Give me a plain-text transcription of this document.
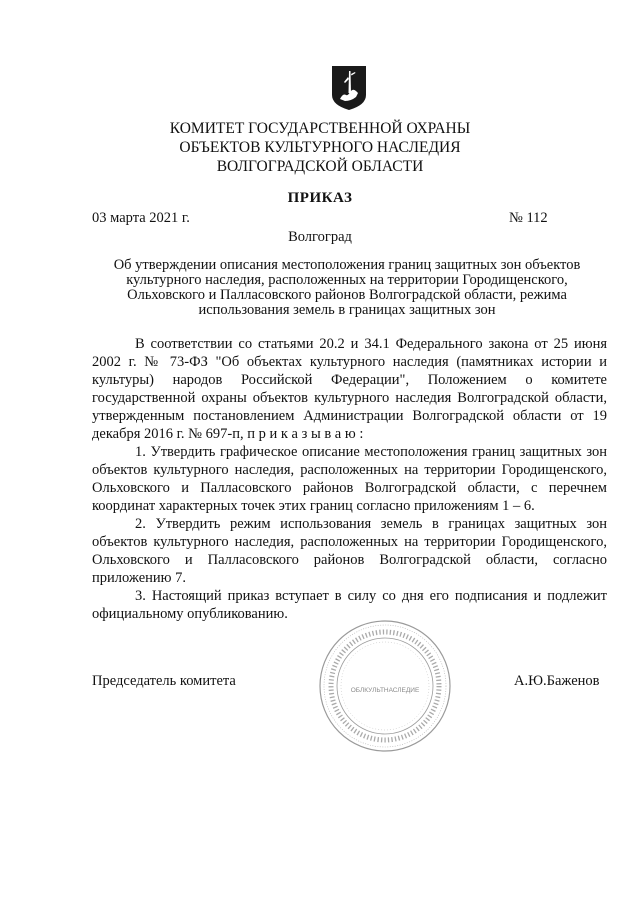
КОМИТЕТ ГОСУДАРСТВЕННОЙ ОХРАНЫ
ОБЪЕКТОВ КУЛЬТУРНОГО НАСЛЕДИЯ
ВОЛГОГРАДСКОЙ ОБЛАСТИ
ПРИКАЗ
03 марта 2021 г.	№ 112
Волгоград
Об утверждении описания местоположения границ защитных зон объектов
культурного наследия, расположенных на территории Городищенского,
Ольховского и Палласовского районов Волгоградской области, режима
использования земель в границах защитных зон

В соответствии со статьями 20.2 и 34.1 Федерального закона от 25 июня 2002 г. № 73-ФЗ "Об объектах культурного наследия (памятниках истории и культуры) народов Российской Федерации", Положением о комитете государственной охраны объектов культурного наследия Волгоградской области, утвержденным постановлением Администрации Волгоградской области от 19 декабря 2016 г. № 697-п, п р и к а з ы в а ю :

1. Утвердить графическое описание местоположения границ защитных зон объектов культурного наследия, расположенных на территории Городищенского, Ольховского и Палласовского районов Волгоградской области, с перечнем координат характерных точек этих границ согласно приложениям 1 – 6.

2. Утвердить режим использования земель в границах защитных зон объектов культурного наследия, расположенных на территории Городищенского, Ольховского и Палласовского районов Волгоградской области, согласно приложению 7.

3. Настоящий приказ вступает в силу со дня его подписания и подлежит официальному опубликованию.

Председатель комитета
ОБЛКУЛЬТНАСЛЕДИЕ
А.Ю.Баженов
